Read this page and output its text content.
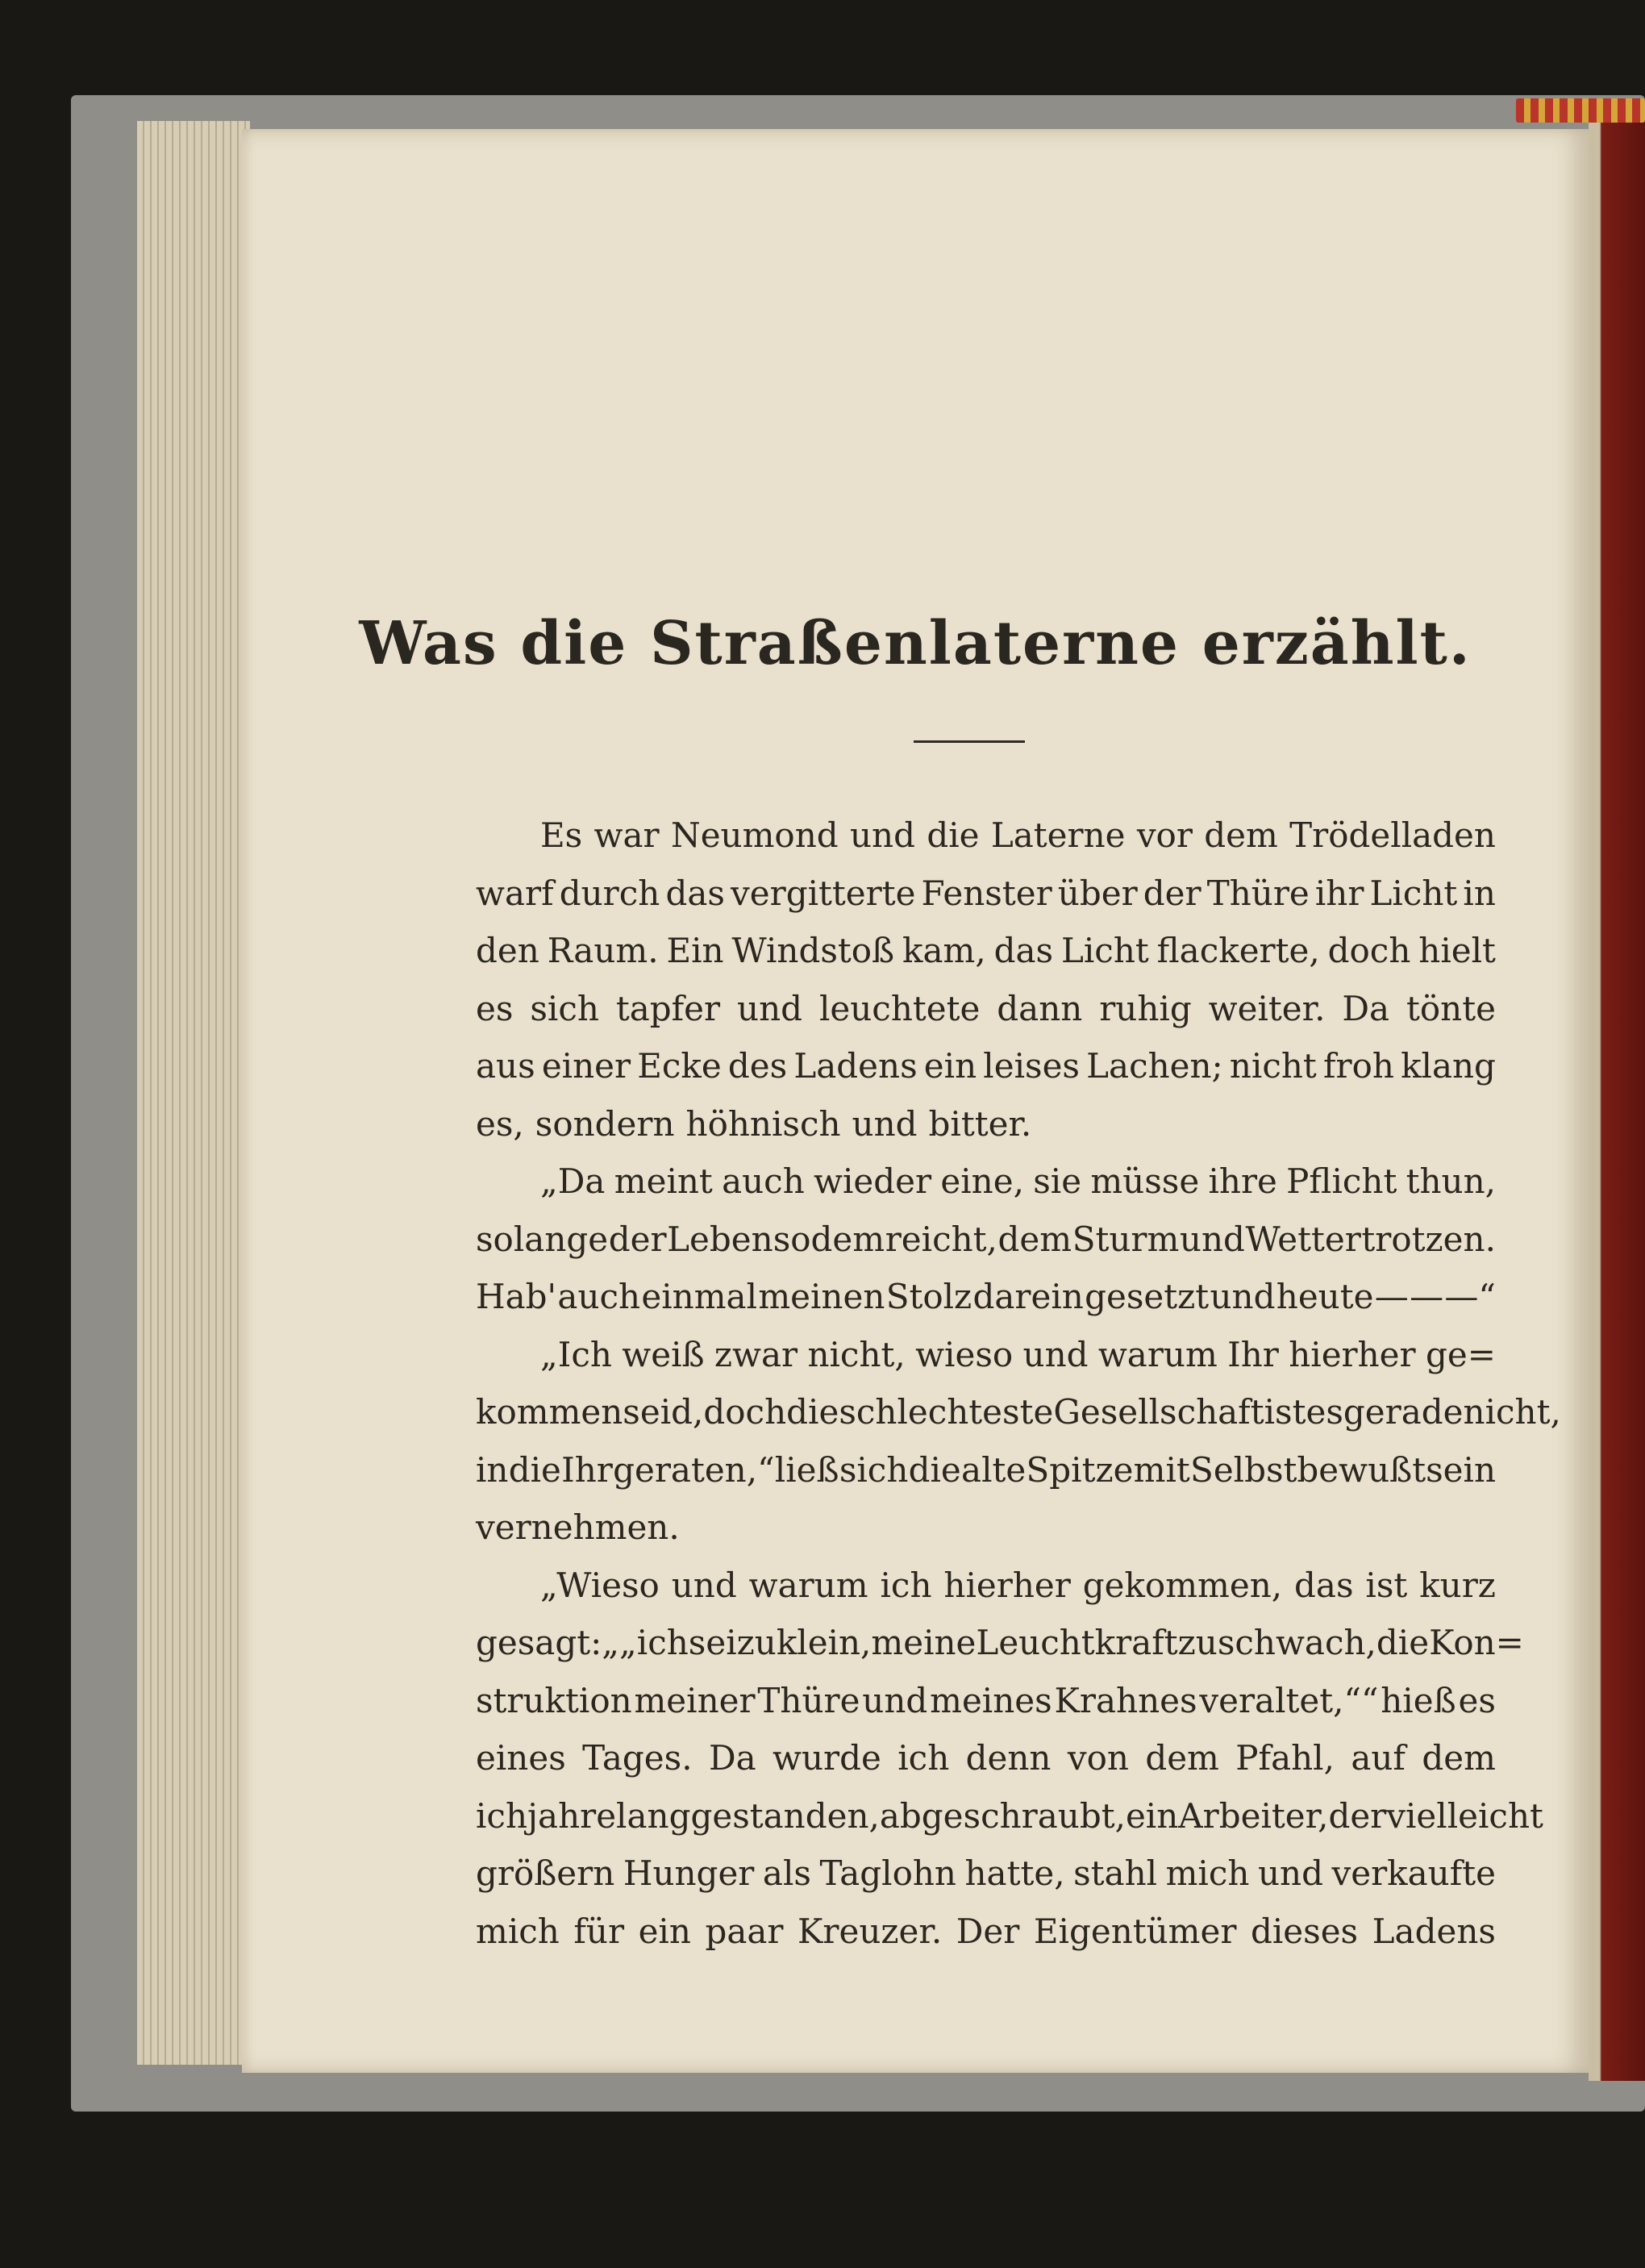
Was die Straßenlaterne erzählt.
Es war Neumond und die Laterne vor dem Trödelladen
warf durch das vergitterte Fenster über der Thüre ihr Licht in
den Raum. Ein Windstoß kam, das Licht flackerte, doch hielt
es sich tapfer und leuchtete dann ruhig weiter. Da tönte
aus einer Ecke des Ladens ein leises Lachen; nicht froh klang
es, sondern höhnisch und bitter.
„Da meint auch wieder eine, sie müsse ihre Pflicht thun,
solange der Lebensodem reicht, dem Sturm und Wetter trotzen.
Hab' auch einmal meinen Stolz darein gesetzt und heute — — —“
„Ich weiß zwar nicht, wieso und warum Ihr hierher ge=
kommen seid, doch die schlechteste Gesellschaft ist es gerade nicht,
in die Ihr geraten,“ ließ sich die alte Spitze mit Selbstbewußtsein
vernehmen.
„Wieso und warum ich hierher gekommen, das ist kurz
gesagt: „„ich sei zu klein, meine Leuchtkraft zu schwach, die Kon=
struktion meiner Thüre und meines Krahnes veraltet,““ hieß es
eines Tages. Da wurde ich denn von dem Pfahl, auf dem
ich jahrelang gestanden, abgeschraubt, ein Arbeiter, der vielleicht
größern Hunger als Taglohn hatte, stahl mich und verkaufte
mich für ein paar Kreuzer. Der Eigentümer dieses Ladens
